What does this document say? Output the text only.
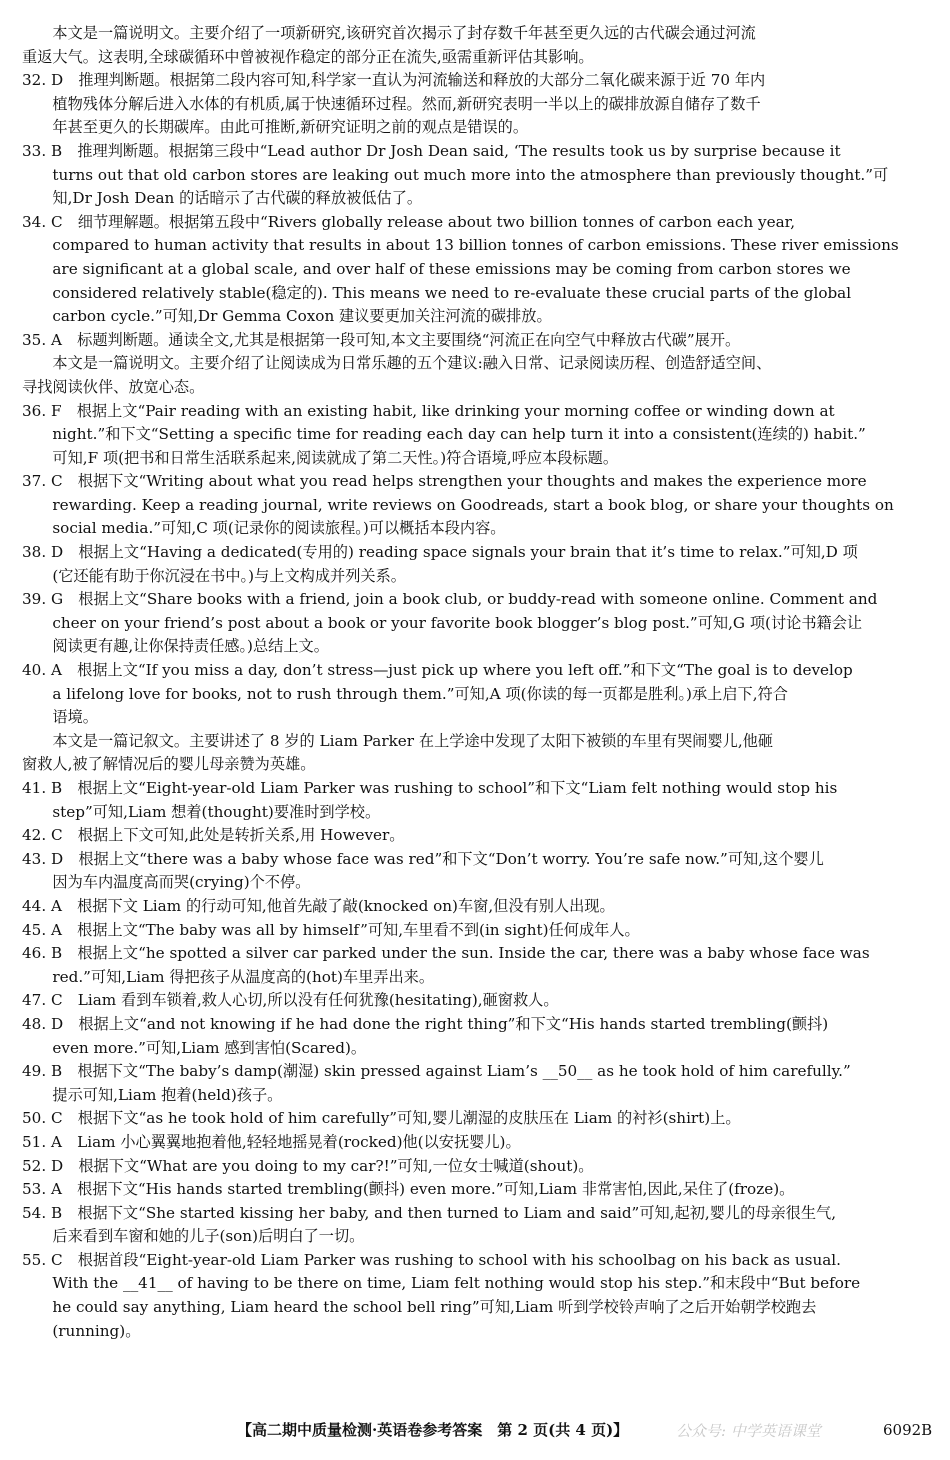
　　本文是一篇说明文。主要介绍了一项新研究,该研究首次揭示了封存数千年甚至更久远的古代碳会通过河流
重返大气。这表明,全球碳循环中曾被视作稳定的部分正在流失,亟需重新评估其影响。
32. D　推理判断题。根据第二段内容可知,科学家一直认为河流输送和释放的大部分二氧化碳来源于近 70 年内
　　植物残体分解后进入水体的有机质,属于快速循环过程。然而,新研究表明一半以上的碳排放源自储存了数千
　　年甚至更久的长期碳库。由此可推断,新研究证明之前的观点是错误的。
33. B　推理判断题。根据第三段中“Lead author Dr Josh Dean said, ‘The results took us by surprise because it
　　turns out that old carbon stores are leaking out much more into the atmosphere than previously thought.”可
　　知,Dr Josh Dean 的话暗示了古代碳的释放被低估了。
34. C　细节理解题。根据第五段中“Rivers globally release about two billion tonnes of carbon each year,
　　compared to human activity that results in about 13 billion tonnes of carbon emissions. These river emissions
　　are significant at a global scale, and over half of these emissions may be coming from carbon stores we
　　considered relatively stable(稳定的). This means we need to re-evaluate these crucial parts of the global
　　carbon cycle.”可知,Dr Gemma Coxon 建议要更加关注河流的碳排放。
35. A　标题判断题。通读全文,尤其是根据第一段可知,本文主要围绕“河流正在向空气中释放古代碳”展开。
　　本文是一篇说明文。主要介绍了让阅读成为日常乐趣的五个建议:融入日常、记录阅读历程、创造舒适空间、
寻找阅读伙伴、放宽心态。
36. F　根据上文“Pair reading with an existing habit, like drinking your morning coffee or winding down at
　　night.”和下文“Setting a specific time for reading each day can help turn it into a consistent(连续的) habit.”
　　可知,F 项(把书和日常生活联系起来,阅读就成了第二天性。)符合语境,呼应本段标题。
37. C　根据下文“Writing about what you read helps strengthen your thoughts and makes the experience more
　　rewarding. Keep a reading journal, write reviews on Goodreads, start a book blog, or share your thoughts on
　　social media.”可知,C 项(记录你的阅读旅程。)可以概括本段内容。
38. D　根据上文“Having a dedicated(专用的) reading space signals your brain that it’s time to relax.”可知,D 项
　　(它还能有助于你沉浸在书中。)与上文构成并列关系。
39. G　根据上文“Share books with a friend, join a book club, or buddy-read with someone online. Comment and
　　cheer on your friend’s post about a book or your favorite book blogger’s blog post.”可知,G 项(讨论书籍会让
　　阅读更有趣,让你保持责任感。)总结上文。
40. A　根据上文“If you miss a day, don’t stress—just pick up where you left off.”和下文“The goal is to develop
　　a lifelong love for books, not to rush through them.”可知,A 项(你读的每一页都是胜利。)承上启下,符合
　　语境。
　　本文是一篇记叙文。主要讲述了 8 岁的 Liam Parker 在上学途中发现了太阳下被锁的车里有哭闹婴儿,他砸
窗救人,被了解情况后的婴儿母亲赞为英雄。
41. B　根据上文“Eight-year-old Liam Parker was rushing to school”和下文“Liam felt nothing would stop his
　　step”可知,Liam 想着(thought)要准时到学校。
42. C　根据上下文可知,此处是转折关系,用 However。
43. D　根据上文“there was a baby whose face was red”和下文“Don’t worry. You’re safe now.”可知,这个婴儿
　　因为车内温度高而哭(crying)个不停。
44. A　根据下文 Liam 的行动可知,他首先敲了敲(knocked on)车窗,但没有别人出现。
45. A　根据上文“The baby was all by himself”可知,车里看不到(in sight)任何成年人。
46. B　根据上文“he spotted a silver car parked under the sun. Inside the car, there was a baby whose face was
　　red.”可知,Liam 得把孩子从温度高的(hot)车里弄出来。
47. C　Liam 看到车锁着,救人心切,所以没有任何犹豫(hesitating),砸窗救人。
48. D　根据上文“and not knowing if he had done the right thing”和下文“His hands started trembling(颤抖)
　　even more.”可知,Liam 感到害怕(Scared)。
49. B　根据下文“The baby’s damp(潮湿) skin pressed against Liam’s __50__ as he took hold of him carefully.”
　　提示可知,Liam 抱着(held)孩子。
50. C　根据下文“as he took hold of him carefully”可知,婴儿潮湿的皮肤压在 Liam 的衬衫(shirt)上。
51. A　Liam 小心翼翼地抱着他,轻轻地摇晃着(rocked)他(以安抚婴儿)。
52. D　根据下文“What are you doing to my car?!”可知,一位女士喊道(shout)。
53. A　根据下文“His hands started trembling(颤抖) even more.”可知,Liam 非常害怕,因此,呆住了(froze)。
54. B　根据下文“She started kissing her baby, and then turned to Liam and said”可知,起初,婴儿的母亲很生气,
　　后来看到车窗和她的儿子(son)后明白了一切。
55. C　根据首段“Eight-year-old Liam Parker was rushing to school with his schoolbag on his back as usual.
　　With the __41__ of having to be there on time, Liam felt nothing would stop his step.”和末段中“But before
　　he could say anything, Liam heard the school bell ring”可知,Liam 听到学校铃声响了之后开始朝学校跑去
　　(running)。
【高二期中质量检测·英语卷参考答案　第 2 页(共 4 页)】	公众号: 中学英语课堂	6092B
